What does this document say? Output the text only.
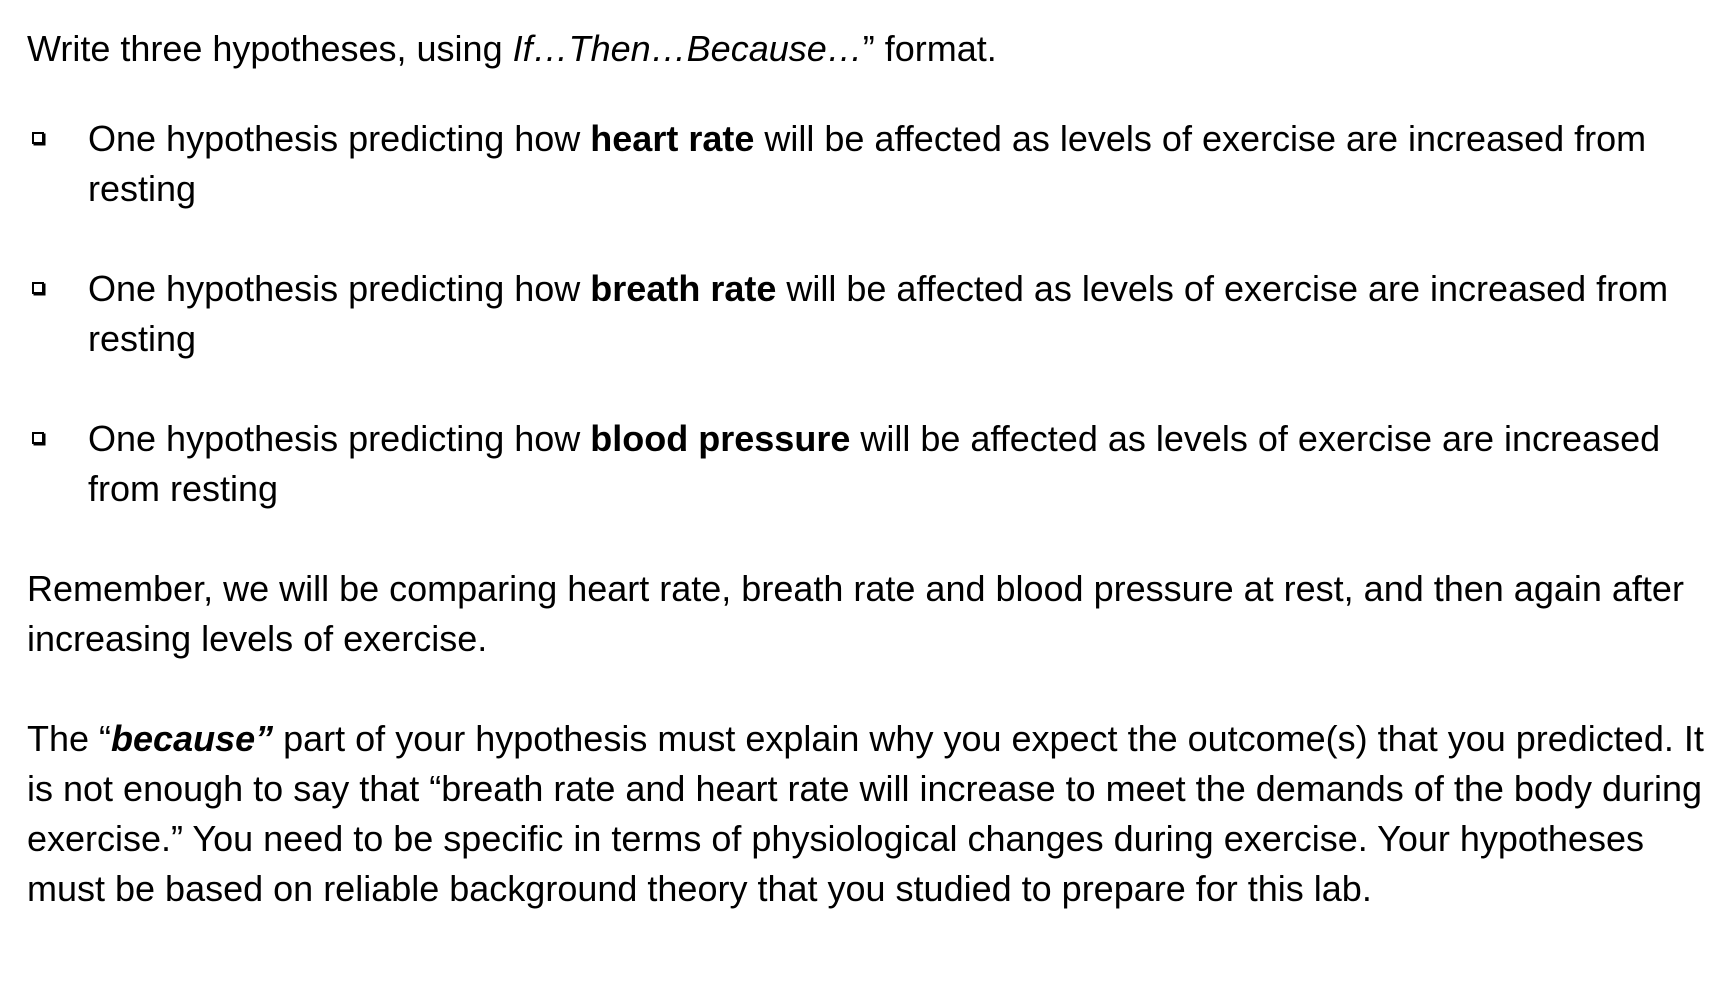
Write three hypotheses, using If…Then…Because…” format.

One hypothesis predicting how heart rate will be affected as levels of exercise are increased from resting
One hypothesis predicting how breath rate will be affected as levels of exercise are increased from resting
One hypothesis predicting how blood pressure will be affected as levels of exercise are increased from resting

Remember, we will be comparing heart rate, breath rate and blood pressure at rest, and then again after increasing levels of exercise.

The “because” part of your hypothesis must explain why you expect the outcome(s) that you predicted. It is not enough to say that “breath rate and heart rate will increase to meet the demands of the body during exercise.” You need to be specific in terms of physiological changes during exercise. Your hypotheses must be based on reliable background theory that you studied to prepare for this lab.
